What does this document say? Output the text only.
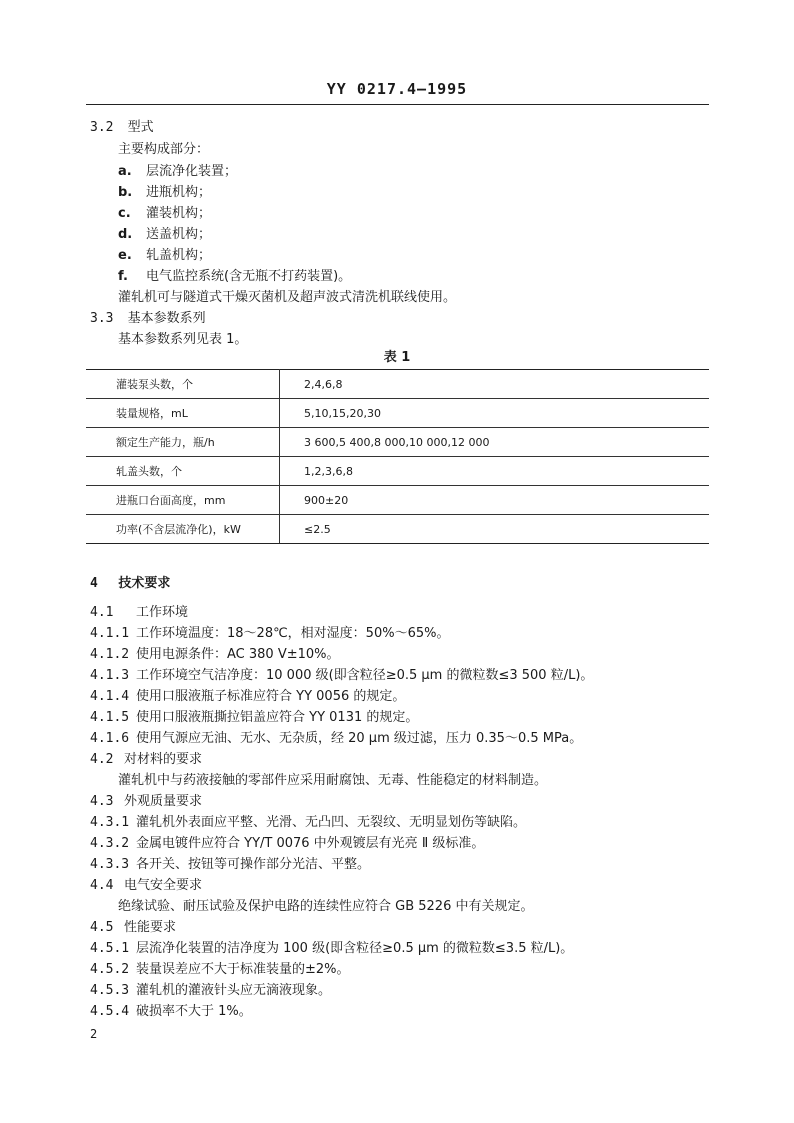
YY 0217.4—1995
3.2 型式
主要构成部分：
a. 层流净化装置；
b. 进瓶机构；
c. 灌装机构；
d. 送盖机构；
e. 轧盖机构；
f. 电气监控系统(含无瓶不打药装置)。
灌轧机可与隧道式干燥灭菌机及超声波式清洗机联线使用。
3.3 基本参数系列
基本参数系列见表 1。
表 1
灌装泵头数，个	2,4,6,8
装量规格，mL	5,10,15,20,30
额定生产能力，瓶/h	3 600,5 400,8 000,10 000,12 000
轧盖头数，个	1,2,3,6,8
进瓶口台面高度，mm	900±20
功率(不含层流净化)，kW	≤2.5
4 技术要求
4.1 工作环境
4.1.1 工作环境温度：18～28℃，相对湿度：50%～65%。
4.1.2 使用电源条件：AC 380 V±10%。
4.1.3 工作环境空气洁净度：10 000 级(即含粒径≥0.5 μm 的微粒数≤3 500 粒/L)。
4.1.4 使用口服液瓶子标准应符合 YY 0056 的规定。
4.1.5 使用口服液瓶撕拉铝盖应符合 YY 0131 的规定。
4.1.6 使用气源应无油、无水、无杂质，经 20 μm 级过滤，压力 0.35～0.5 MPa。
4.2 对材料的要求
灌轧机中与药液接触的零部件应采用耐腐蚀、无毒、性能稳定的材料制造。
4.3 外观质量要求
4.3.1 灌轧机外表面应平整、光滑、无凸凹、无裂纹、无明显划伤等缺陷。
4.3.2 金属电镀件应符合 YY/T 0076 中外观镀层有光亮 Ⅱ 级标准。
4.3.3 各开关、按钮等可操作部分光洁、平整。
4.4 电气安全要求
绝缘试验、耐压试验及保护电路的连续性应符合 GB 5226 中有关规定。
4.5 性能要求
4.5.1 层流净化装置的洁净度为 100 级(即含粒径≥0.5 μm 的微粒数≤3.5 粒/L)。
4.5.2 装量误差应不大于标准装量的±2%。
4.5.3 灌轧机的灌液针头应无滴液现象。
4.5.4 破损率不大于 1%。
2
